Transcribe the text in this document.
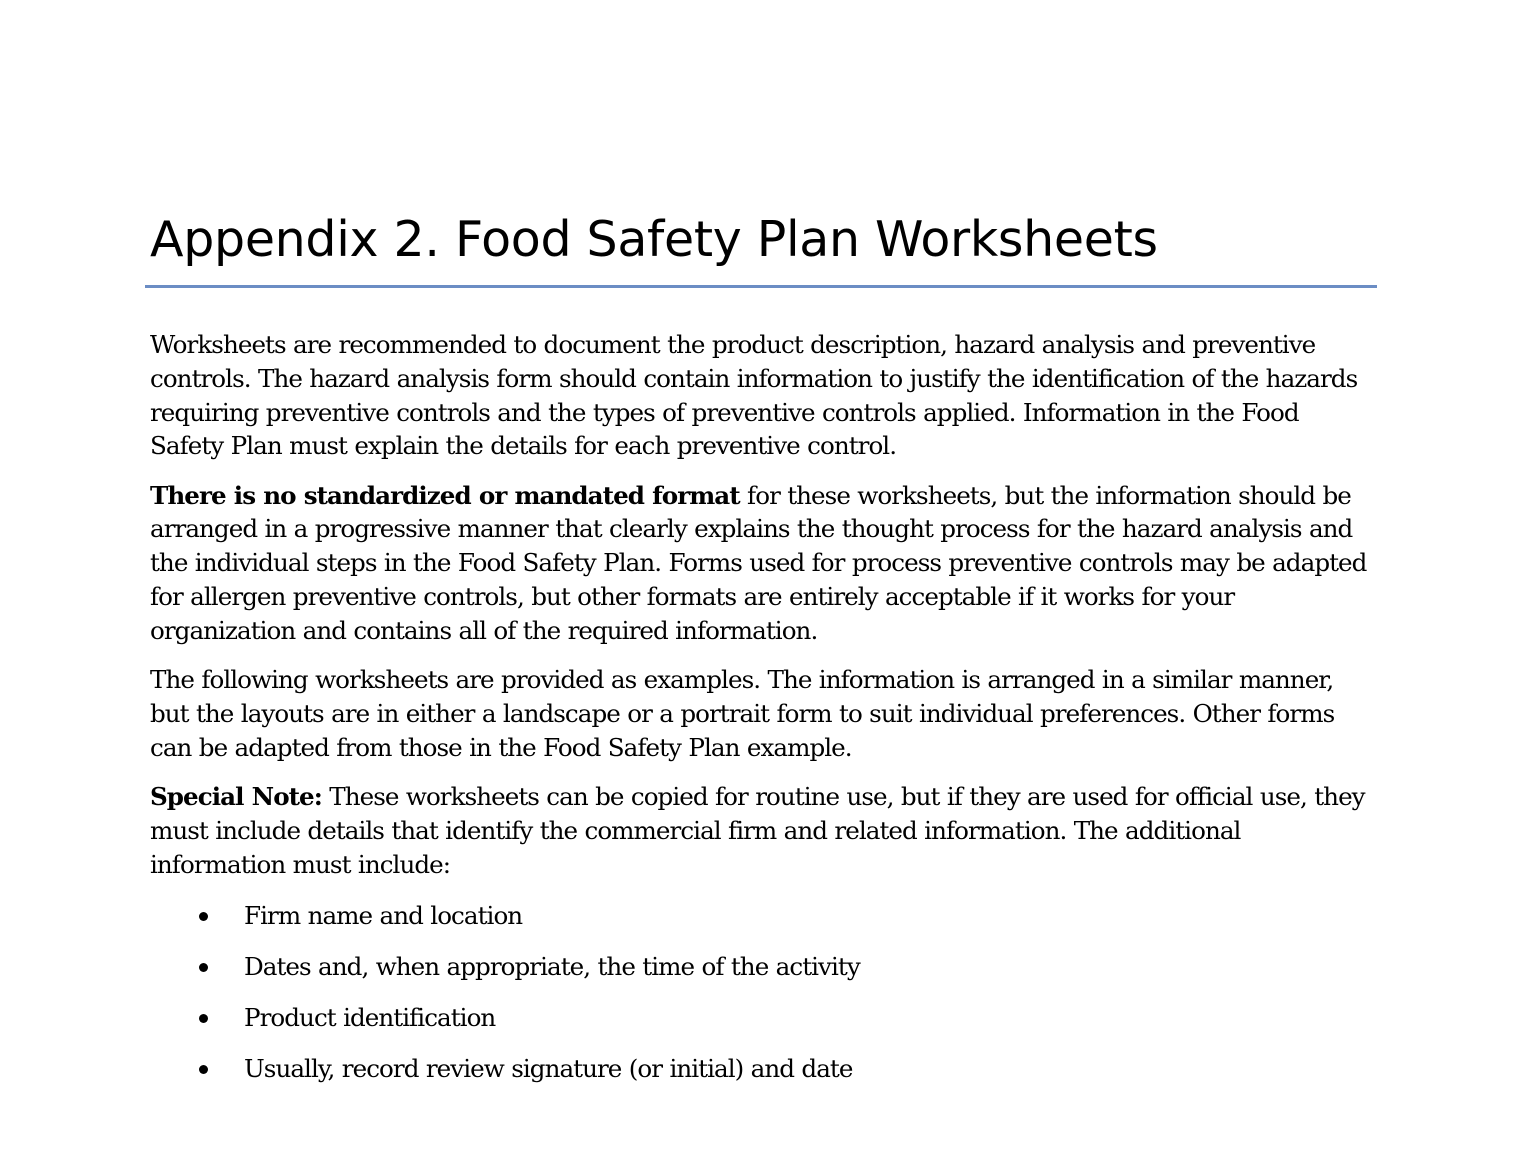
Appendix 2. Food Safety Plan Worksheets

Worksheets are recommended to document the product description, hazard analysis and preventive controls. The hazard analysis form should contain information to justify the identification of the hazards requiring preventive controls and the types of preventive controls applied. Information in the Food Safety Plan must explain the details for each preventive control.

There is no standardized or mandated format for these worksheets, but the information should be arranged in a progressive manner that clearly explains the thought process for the hazard analysis and the individual steps in the Food Safety Plan. Forms used for process preventive controls may be adapted for allergen preventive controls, but other formats are entirely acceptable if it works for your organization and contains all of the required information.

The following worksheets are provided as examples. The information is arranged in a similar manner, but the layouts are in either a landscape or a portrait form to suit individual preferences. Other forms can be adapted from those in the Food Safety Plan example.

Special Note: These worksheets can be copied for routine use, but if they are used for official use, they must include details that identify the commercial firm and related information. The additional information must include:

Firm name and location
Dates and, when appropriate, the time of the activity
Product identification
Usually, record review signature (or initial) and date
